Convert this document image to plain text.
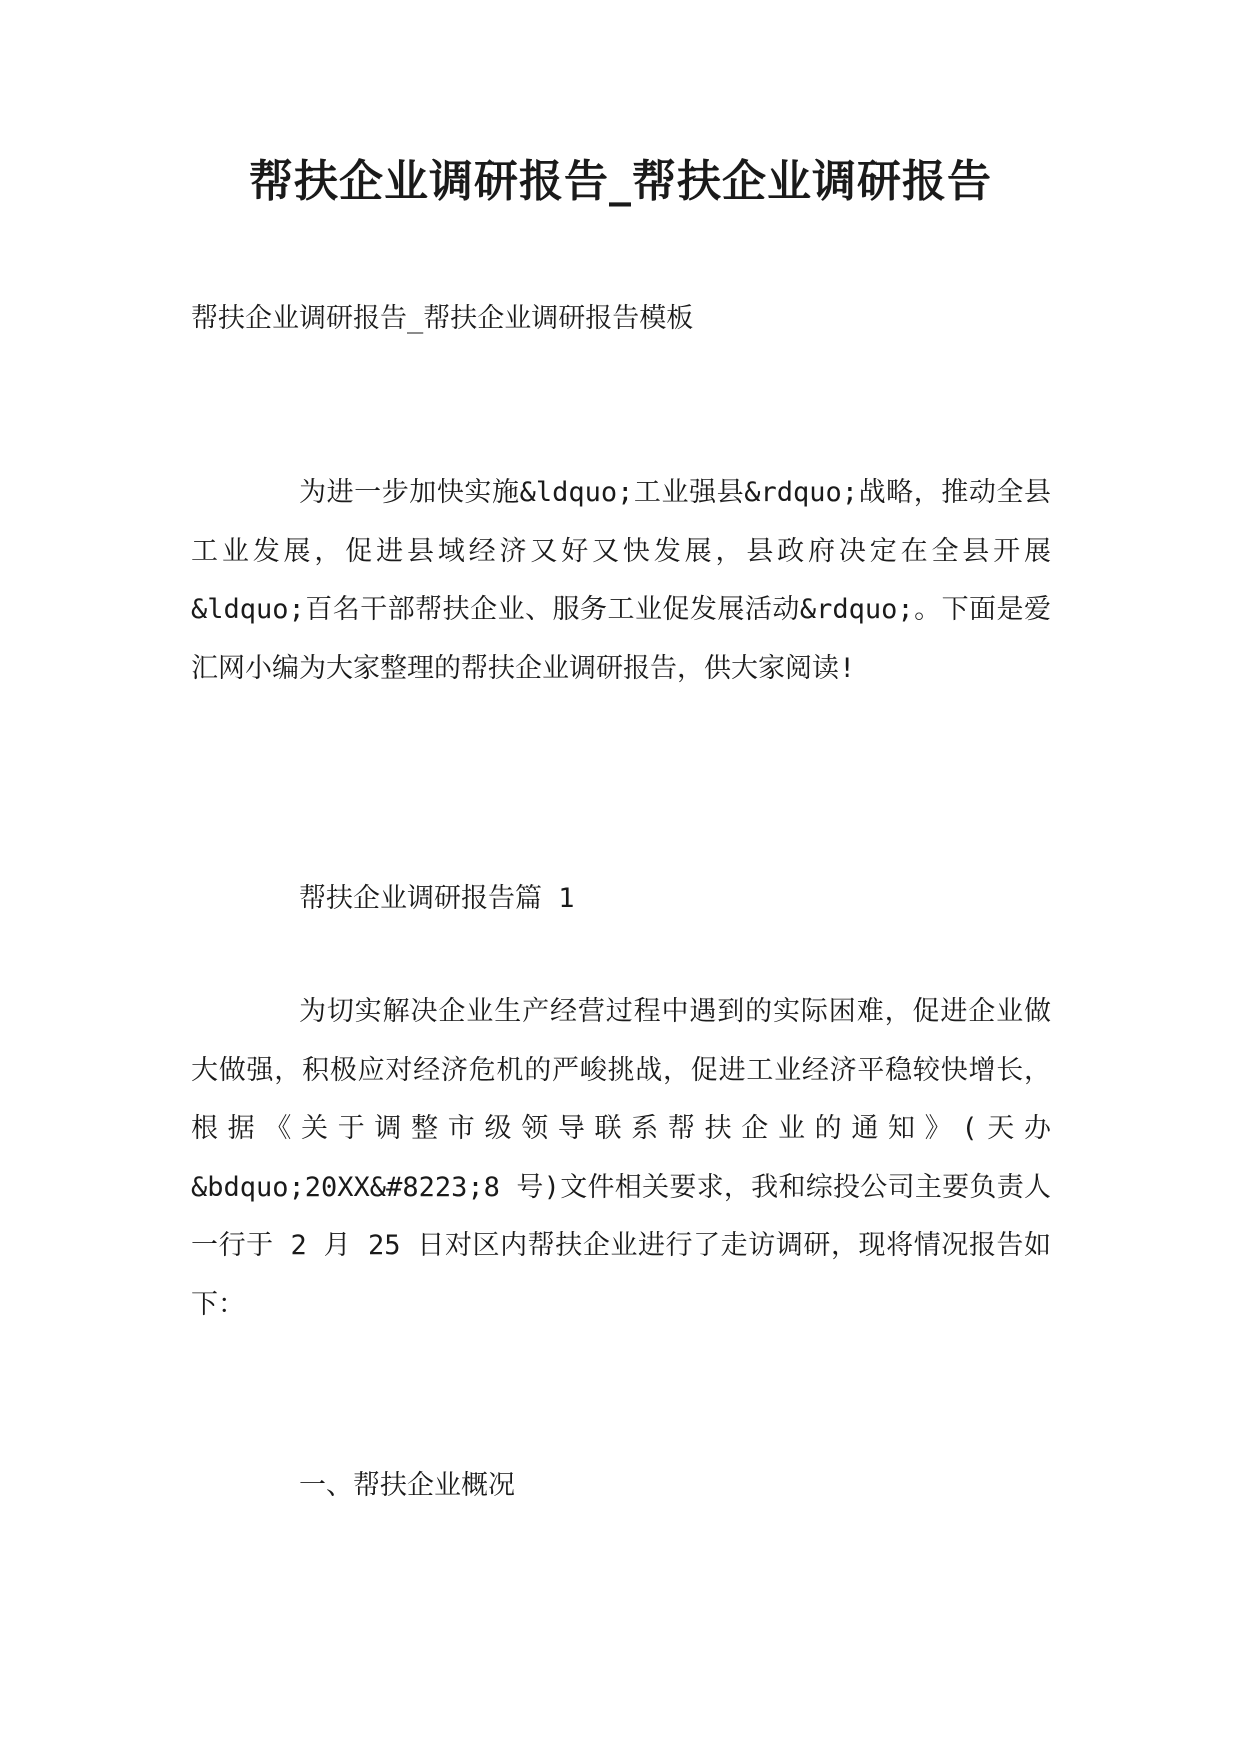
帮扶企业调研报告_帮扶企业调研报告

帮扶企业调研报告_帮扶企业调研报告模板

为进一步加快实施&ldquo;工业强县&rdquo;战略，推动全县工业发展，促进县域经济又好又快发展，县政府决定在全县开展&ldquo;百名干部帮扶企业、服务工业促发展活动&rdquo;。下面是爱汇网小编为大家整理的帮扶企业调研报告，供大家阅读!

帮扶企业调研报告篇 1

为切实解决企业生产经营过程中遇到的实际困难，促进企业做大做强，积极应对经济危机的严峻挑战，促进工业经济平稳较快增长，根据《关于调整市级领导联系帮扶企业的通知》(天办&bdquo;20XX&#8223;8 号)文件相关要求，我和综投公司主要负责人一行于 2 月 25 日对区内帮扶企业进行了走访调研，现将情况报告如下：

一、帮扶企业概况
